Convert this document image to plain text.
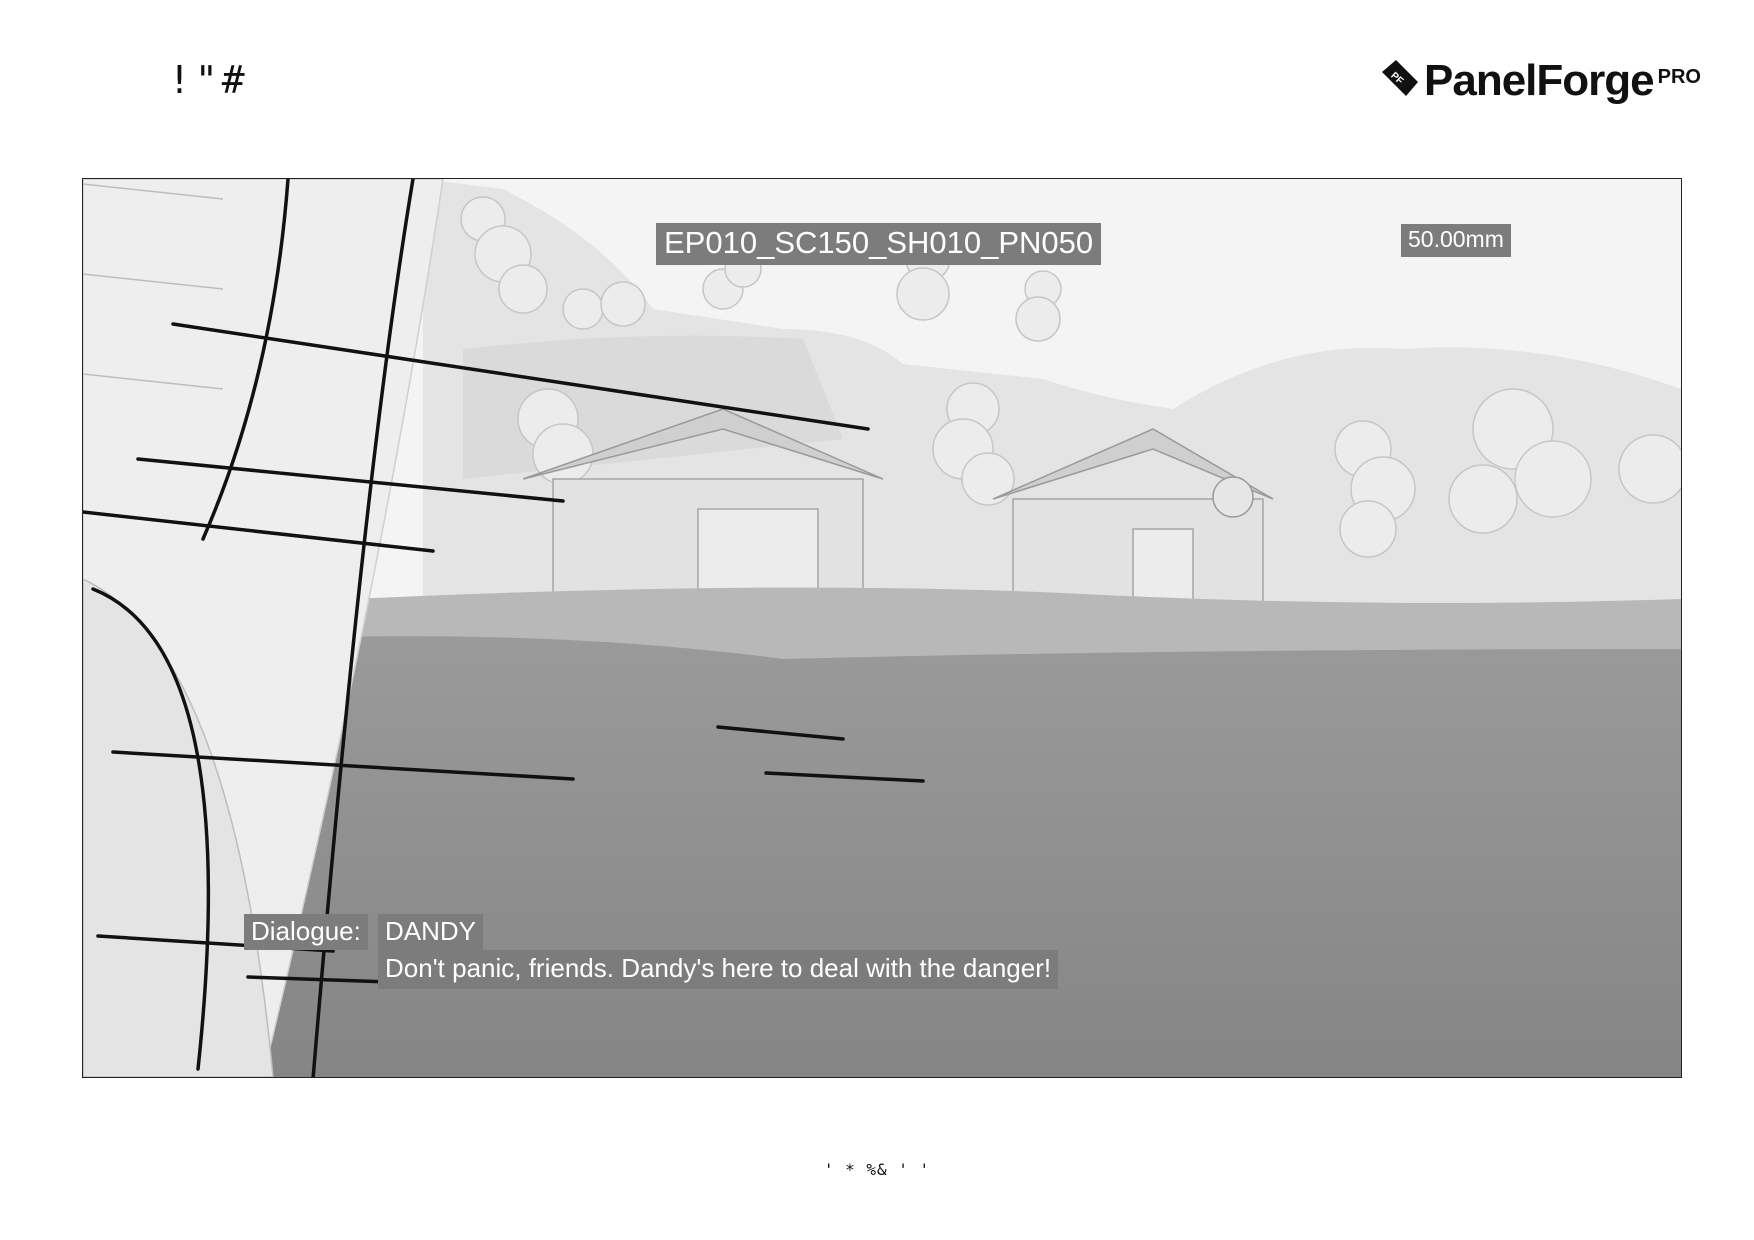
!"#	PF PanelForge PRO
EP010_SC150_SH010_PN050	50.00mm
Dialogue: DANDY
Don't panic, friends. Dandy's here to deal with the danger!
' * %& ' '
